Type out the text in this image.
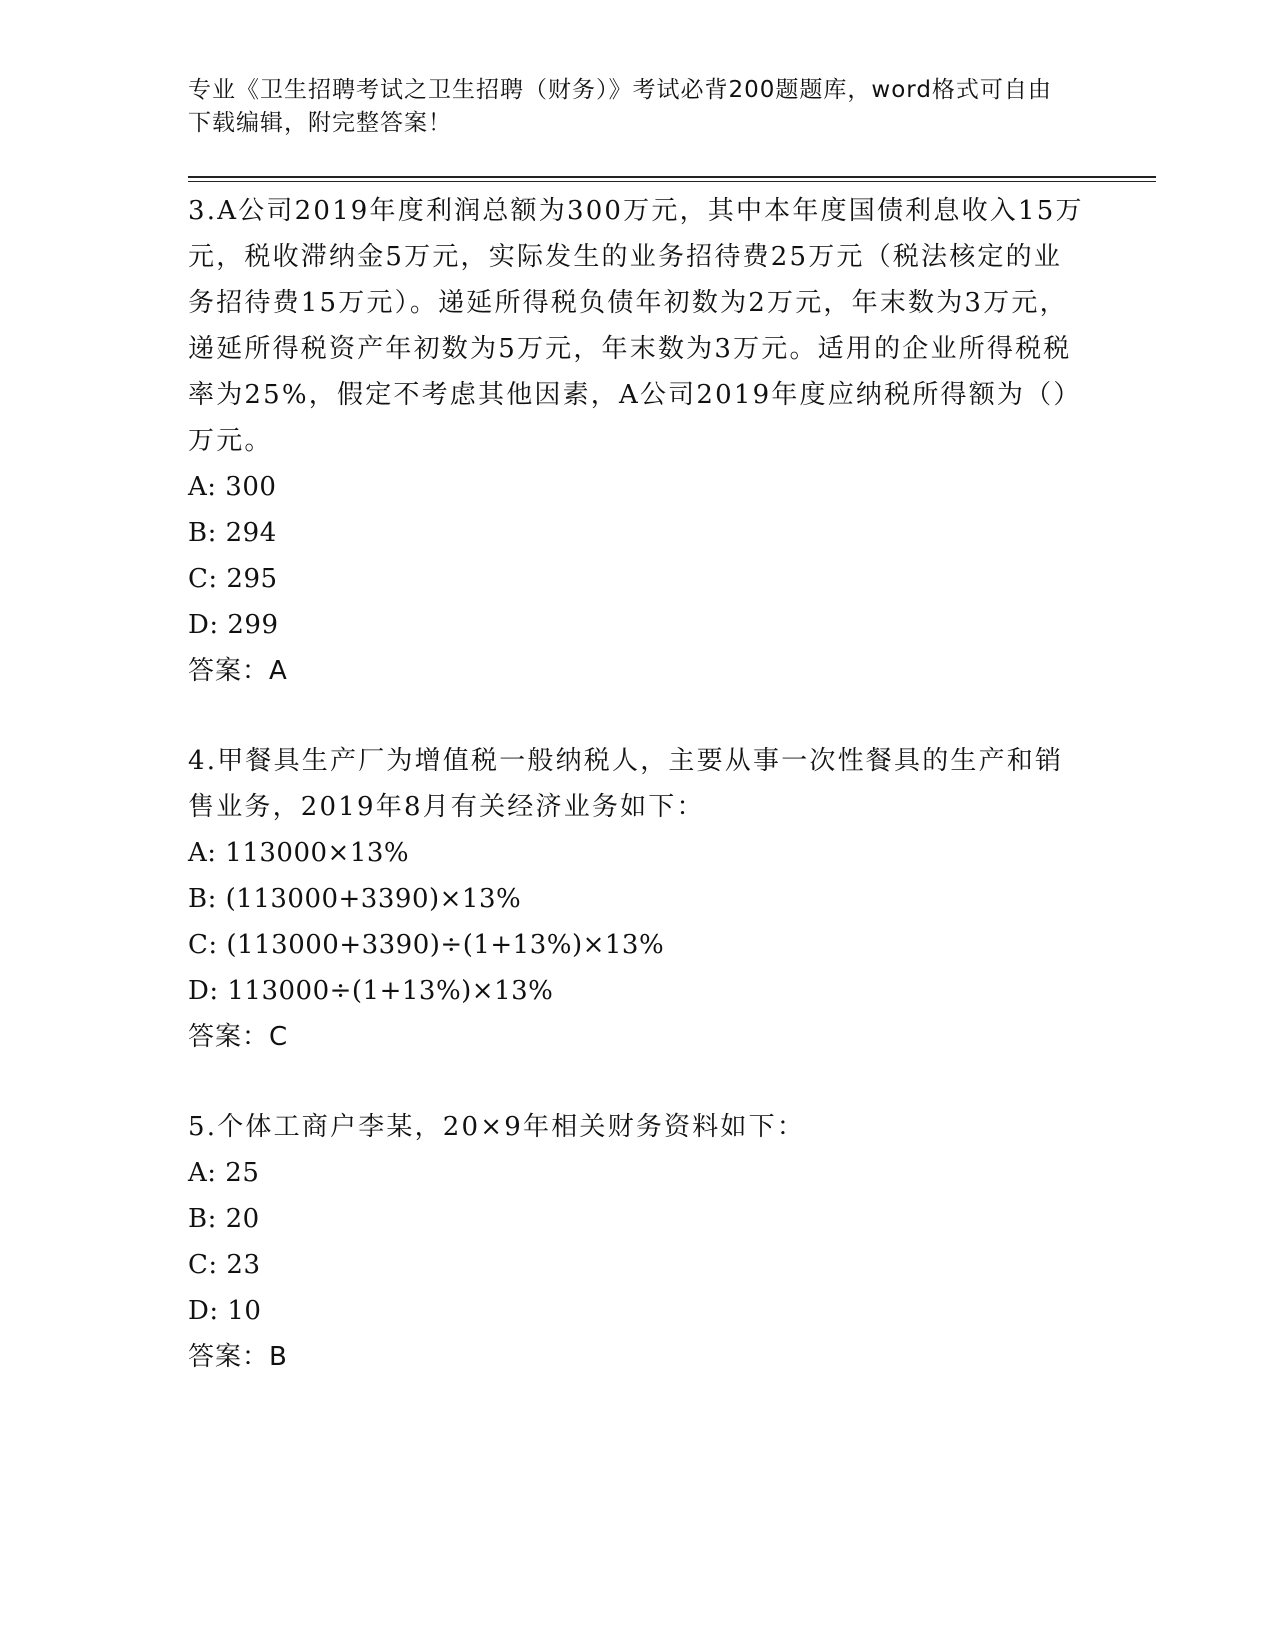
专业《卫生招聘考试之卫生招聘（财务）》考试必背200题题库，word格式可自由下载编辑，附完整答案！

3.A公司2019年度利润总额为300万元，其中本年度国债利息收入15万元，税收滞纳金5万元，实际发生的业务招待费25万元（税法核定的业务招待费15万元）。递延所得税负债年初数为2万元，年末数为3万元，递延所得税资产年初数为5万元，年末数为3万元。适用的企业所得税税率为25%，假定不考虑其他因素，A公司2019年度应纳税所得额为（）万元。

A: 300

B: 294

C: 295

D: 299

答案：A

4.甲餐具生产厂为增值税一般纳税人，主要从事一次性餐具的生产和销售业务，2019年8月有关经济业务如下：

A: 113000×13%

B: (113000+3390)×13%

C: (113000+3390)÷(1+13%)×13%

D: 113000÷(1+13%)×13%

答案：C

5.个体工商户李某，20×9年相关财务资料如下：

A: 25

B: 20

C: 23

D: 10

答案：B
